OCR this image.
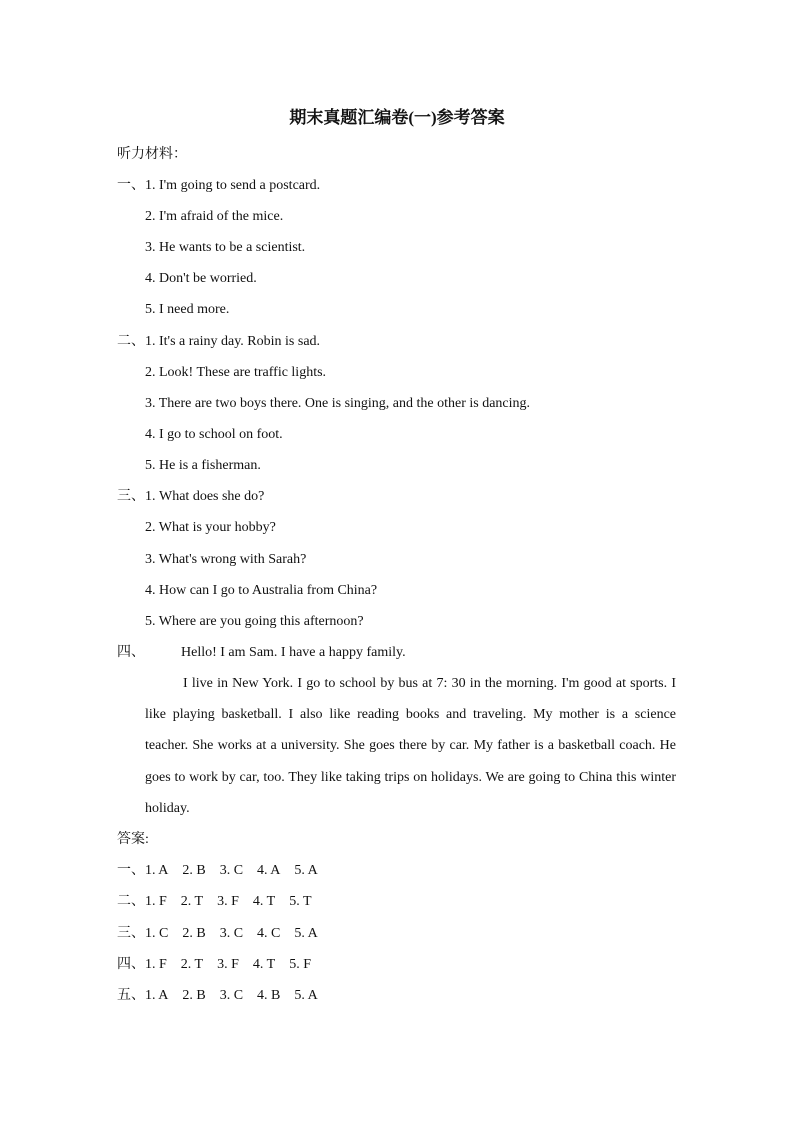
期末真题汇编卷(一)参考答案
听力材料：
一、1. I'm going to send a postcard.
2. I'm afraid of the mice.
3. He wants to be a scientist.
4. Don't be worried.
5. I need more.
二、1. It's a rainy day. Robin is sad.
2. Look! These are traffic lights.
3. There are two boys there. One is singing, and the other is dancing.
4. I go to school on foot.
5. He is a fisherman.
三、1. What does she do?
2. What is your hobby?
3. What's wrong with Sarah?
4. How can I go to Australia from China?
5. Where are you going this afternoon?
四、	Hello! I am Sam. I have a happy family.
I live in New York. I go to school by bus at 7: 30 in the morning. I'm good at sports. I like playing basketball. I also like reading books and traveling. My mother is a science teacher. She works at a university. She goes there by car. My father is a basketball coach. He goes to work by car, too. They like taking trips on holidays. We are going to China this winter holiday.
答案:
一、1. A 2. B 3. C 4. A 5. A
二、1. F 2. T 3. F 4. T 5. T
三、1. C 2. B 3. C 4. C 5. A
四、1. F 2. T 3. F 4. T 5. F
五、1. A 2. B 3. C 4. B 5. A
